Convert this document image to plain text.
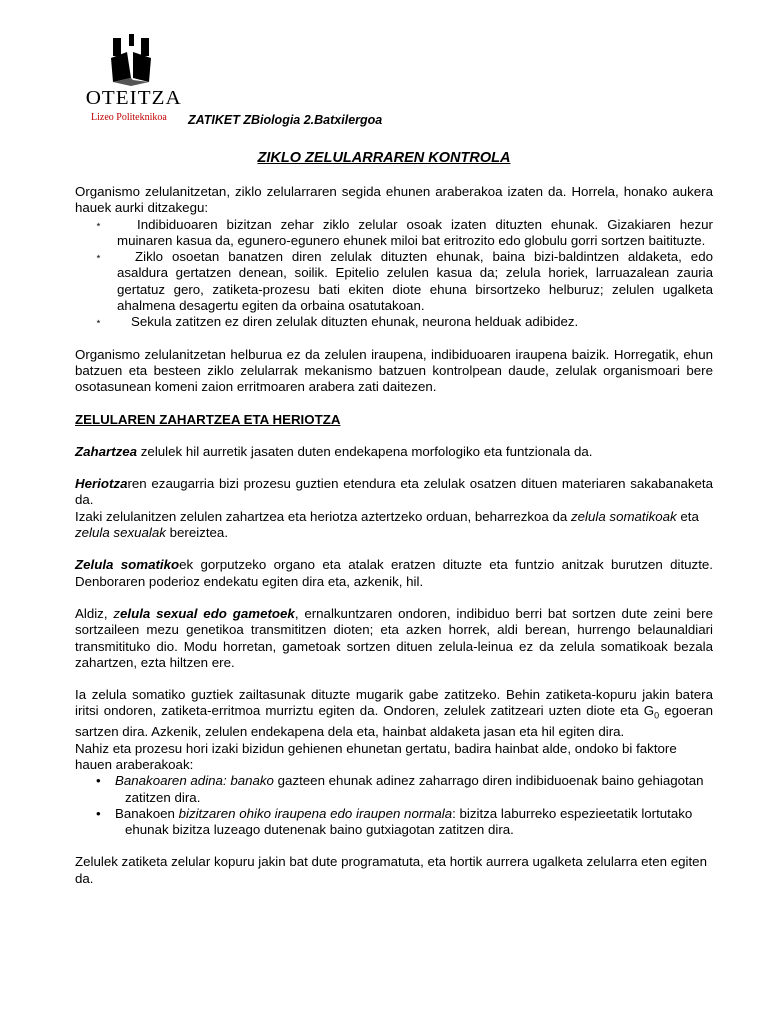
OTEITZA
Lizeo Politeknikoa ZATIKET ZBiologia 2.Batxilergoa
ZIKLO ZELULARRAREN KONTROLA

Organismo zelulanitzetan, ziklo zelularraren segida ehunen araberakoa izaten da. Horrela, honako aukera hauek aurki ditzakegu:

⋆	Indibiduoaren bizitzan zehar ziklo zelular osoak izaten dituzten ehunak. Gizakiaren hezur muinaren kasua da, egunero-egunero ehunek miloi bat eritrozito edo globulu gorri sortzen baitituzte.
⋆	Ziklo osoetan banatzen diren zelulak dituzten ehunak, baina bizi-baldintzen aldaketa, edo asaldura gertatzen denean, soilik. Epitelio zelulen kasua da; zelula horiek, larruazalean zauria gertatuz gero, zatiketa-prozesu bati ekiten diote ehuna birsortzeko helburuz; zelulen ugalketa ahalmena desagertu egiten da orbaina osatutakoan.
⋆	Sekula zatitzen ez diren zelulak dituzten ehunak, neurona helduak adibidez.

Organismo zelulanitzetan helburua ez da zelulen iraupena, indibiduoaren iraupena baizik. Horregatik, ehun batzuen eta besteen ziklo zelularrak mekanismo batzuen kontrolpean daude, zelulak organismoari bere osotasunean komeni zaion erritmoaren arabera zati daitezen.

ZELULAREN ZAHARTZEA ETA HERIOTZA

Zahartzea zelulek hil aurretik jasaten duten endekapena morfologiko eta funtzionala da.

Heriotzaren ezaugarria bizi prozesu guztien etendura eta zelulak osatzen dituen materiaren sakabanaketa da.

Izaki zelulanitzen zelulen zahartzea eta heriotza aztertzeko orduan, beharrezkoa da zelula somatikoak eta zelula sexualak bereiztea.

Zelula somatikoek gorputzeko organo eta atalak eratzen dituzte eta funtzio anitzak burutzen dituzte. Denboraren poderioz endekatu egiten dira eta, azkenik, hil.

Aldiz, zelula sexual edo gametoek, ernalkuntzaren ondoren, indibiduo berri bat sortzen dute zeini bere sortzaileen mezu genetikoa transmititzen dioten; eta azken horrek, aldi berean, hurrengo belaunaldiari transmitituko dio. Modu horretan, gametoak sortzen dituen zelula-leinua ez da zelula somatikoak bezala zahartzen, ezta hiltzen ere.

Ia zelula somatiko guztiek zailtasunak dituzte mugarik gabe zatitzeko. Behin zatiketa-kopuru jakin batera iritsi ondoren, zatiketa-erritmoa murriztu egiten da. Ondoren, zelulek zatitzeari uzten diote eta $G_0$ egoeran sartzen dira. Azkenik, zelulen endekapena dela eta, hainbat aldaketa jasan eta hil egiten dira.

Nahiz eta prozesu hori izaki bizidun gehienen ehunetan gertatu, badira hainbat alde, ondoko bi faktore hauen araberakoak:

• Banakoaren adina: banako gazteen ehunak adinez zaharrago diren indibiduoenak baino gehiagotan zatitzen dira.
• Banakoen bizitzaren ohiko iraupena edo iraupen normala: bizitza laburreko espezieetatik lortutako ehunak bizitza luzeago dutenenak baino gutxiagotan zatitzen dira.

Zelulek zatiketa zelular kopuru jakin bat dute programatuta, eta hortik aurrera ugalketa zelularra eten egiten da.
